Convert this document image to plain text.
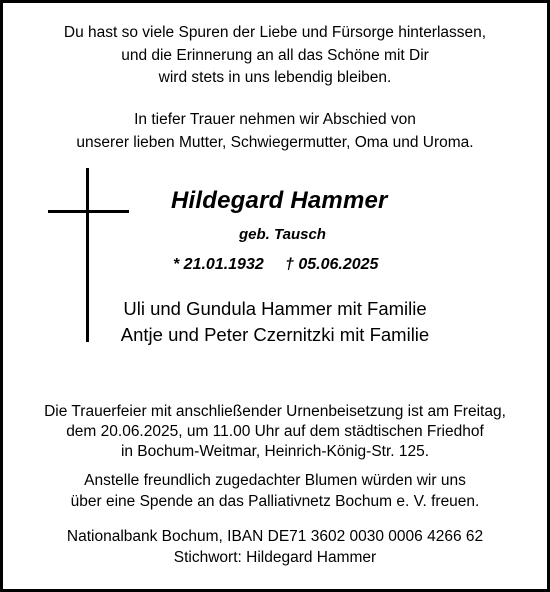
Du hast so viele Spuren der Liebe und Fürsorge hinterlassen,
und die Erinnerung an all das Schöne mit Dir
wird stets in uns lebendig bleiben.
In tiefer Trauer nehmen wir Abschied von
unserer lieben Mutter, Schwiegermutter, Oma und Uroma.
Hildegard Hammer
geb. Tausch
* 21.01.1932 † 05.06.2025
Uli und Gundula Hammer mit Familie
Antje und Peter Czernitzki mit Familie
Die Trauerfeier mit anschließender Urnenbeisetzung ist am Freitag,
dem 20.06.2025, um 11.00 Uhr auf dem städtischen Friedhof
in Bochum-Weitmar, Heinrich-König-Str. 125.
Anstelle freundlich zugedachter Blumen würden wir uns
über eine Spende an das Palliativnetz Bochum e. V. freuen.
Nationalbank Bochum, IBAN DE71 3602 0030 0006 4266 62
Stichwort: Hildegard Hammer
